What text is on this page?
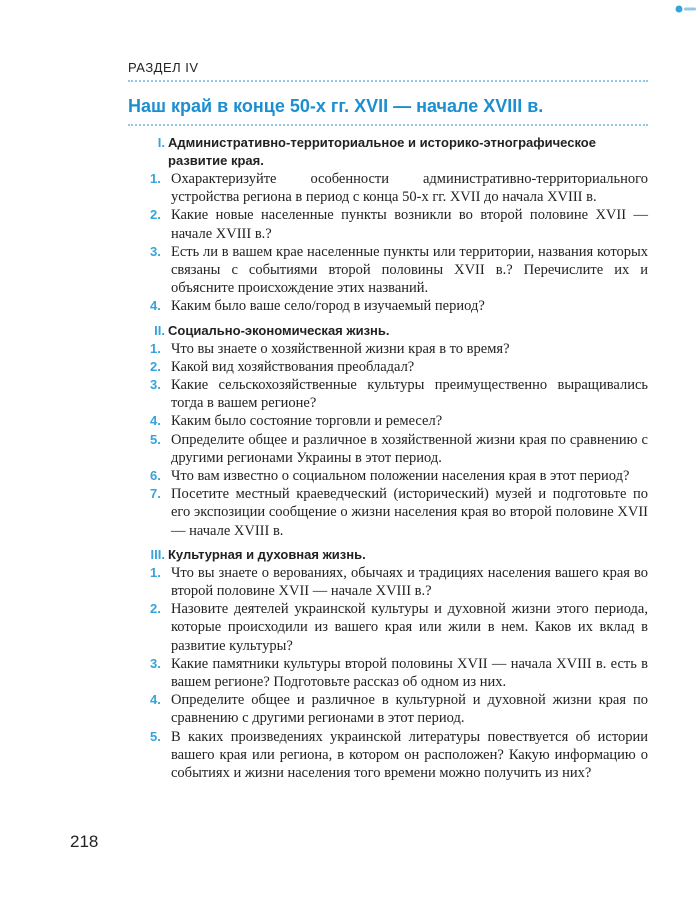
РАЗДЕЛ IV
Наш край в конце 50-х гг. XVII — начале XVIII в.
I. Административно-территориальное и историко-этнографическое развитие края.
1. Охарактеризуйте особенности административно-территориального устройства региона в период с конца 50-х гг. XVII до начала XVIII в.
2. Какие новые населенные пункты возникли во второй половине XVII — начале XVIII в.?
3. Есть ли в вашем крае населенные пункты или территории, названия которых связаны с событиями второй половины XVII в.? Перечислите их и объясните происхождение этих названий.
4. Каким было ваше село/город в изучаемый период?
II. Социально-экономическая жизнь.
1. Что вы знаете о хозяйственной жизни края в то время?
2. Какой вид хозяйствования преобладал?
3. Какие сельскохозяйственные культуры преимущественно выращивались тогда в вашем регионе?
4. Каким было состояние торговли и ремесел?
5. Определите общее и различное в хозяйственной жизни края по сравнению с другими регионами Украины в этот период.
6. Что вам известно о социальном положении населения края в этот период?
7. Посетите местный краеведческий (исторический) музей и подготовьте по его экспозиции сообщение о жизни населения края во второй половине XVII — начале XVIII в.
III. Культурная и духовная жизнь.
1. Что вы знаете о верованиях, обычаях и традициях населения вашего края во второй половине XVII — начале XVIII в.?
2. Назовите деятелей украинской культуры и духовной жизни этого периода, которые происходили из вашего края или жили в нем. Каков их вклад в развитие культуры?
3. Какие памятники культуры второй половины XVII — начала XVIII в. есть в вашем регионе? Подготовьте рассказ об одном из них.
4. Определите общее и различное в культурной и духовной жизни края по сравнению с другими регионами в этот период.
5. В каких произведениях украинской литературы повествуется об истории вашего края или региона, в котором он расположен? Какую информацию о событиях и жизни населения того времени можно получить из них?
218
